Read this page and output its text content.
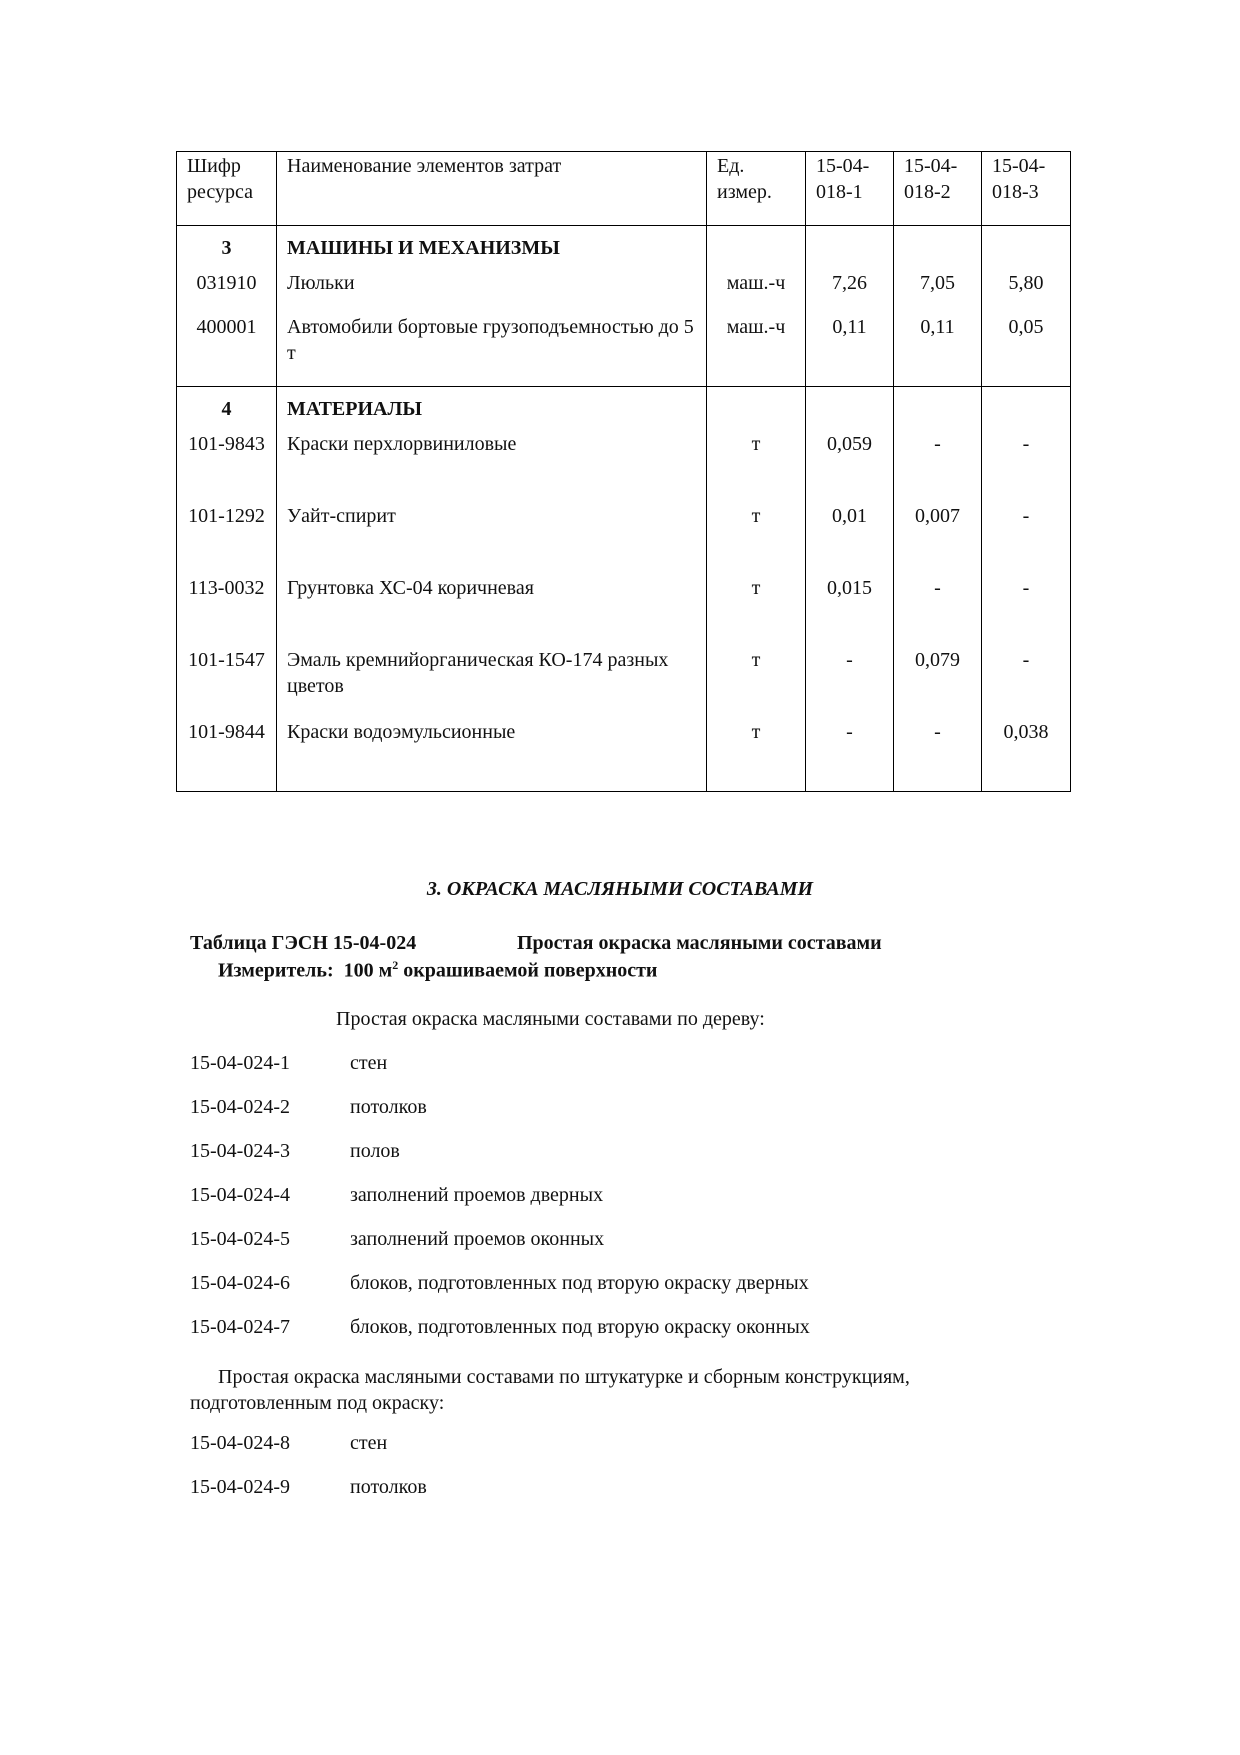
Шифр ресурса	Наименование элементов затрат	Ед. измер.	15-04-018-1	15-04-018-2	15-04-018-3
3	МАШИНЫ И МЕХАНИЗМЫ				
031910	Люльки	маш.-ч	7,26	7,05	5,80
400001	Автомобили бортовые грузоподъемностью до 5 т	маш.-ч	0,11	0,11	0,05
4	МАТЕРИАЛЫ				
101-9843	Краски перхлорвиниловые	т	0,059	-	-
101-1292	Уайт-спирит	т	0,01	0,007	-
113-0032	Грунтовка ХС-04 коричневая	т	0,015	-	-
101-1547	Эмаль кремнийорганическая КО-174 разных цветов	т	-	0,079	-
101-9844	Краски водоэмульсионные	т	-	-	0,038
3. ОКРАСКА МАСЛЯНЫМИ СОСТАВАМИ
Таблица ГЭСН 15-04-024	Простая окраска масляными составами
Измеритель: 100 $м^2$ окрашиваемой поверхности
Простая окраска масляными составами по дереву:
15-04-024-1	стен
15-04-024-2	потолков
15-04-024-3	полов
15-04-024-4	заполнений проемов дверных
15-04-024-5	заполнений проемов оконных
15-04-024-6	блоков, подготовленных под вторую окраску дверных
15-04-024-7	блоков, подготовленных под вторую окраску оконных
Простая окраска масляными составами по штукатурке и сборным конструкциям, подготовленным под окраску:
15-04-024-8	стен
15-04-024-9	потолков
